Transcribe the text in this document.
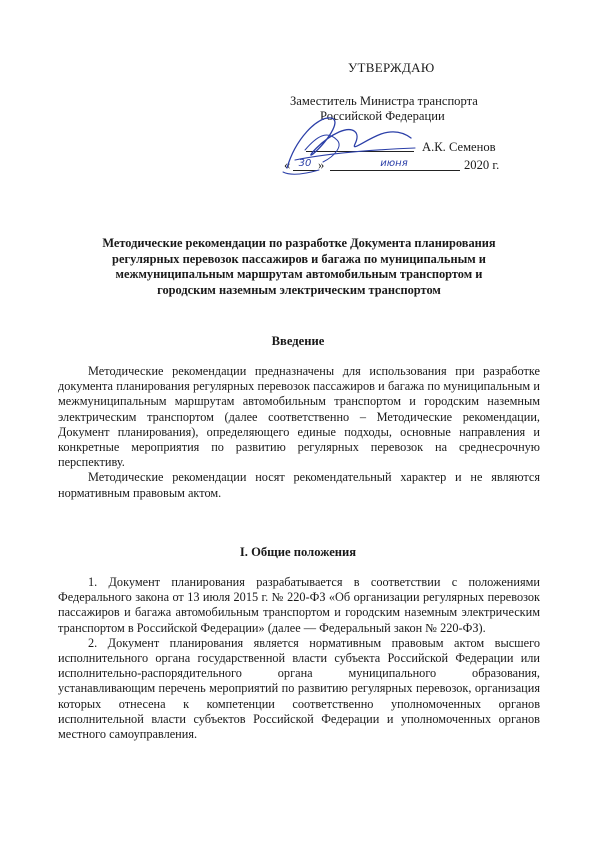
УТВЕРЖДАЮ
Заместитель Министра транспорта
Российской Федерации
А.К. Семенов
« 30 »	июня	2020 г.
Методические рекомендации по разработке Документа планирования
регулярных перевозок пассажиров и багажа по муниципальным и
межмуниципальным маршрутам автомобильным транспортом и
городским наземным электрическим транспортом
Введение

Методические рекомендации предназначены для использования при разработке документа планирования регулярных перевозок пассажиров и багажа по муниципальным и межмуниципальным маршрутам автомобильным транспортом и городским наземным электрическим транспортом (далее соответственно – Методические рекомендации, Документ планирования), определяющего единые подходы, основные направления и конкретные мероприятия по развитию регулярных перевозок на среднесрочную перспективу.

Методические рекомендации носят рекомендательный характер и не являются нормативным правовым актом.

I. Общие положения

1. Документ планирования разрабатывается в соответствии с положениями Федерального закона от 13 июля 2015 г. № 220-ФЗ «Об организации регулярных перевозок пассажиров и багажа автомобильным транспортом и городским наземным электрическим транспортом в Российской Федерации» (далее — Федеральный закон № 220-ФЗ).

2. Документ планирования является нормативным правовым актом высшего исполнительного органа государственной власти субъекта Российской Федерации или исполнительно-распорядительного органа муниципального образования, устанавливающим перечень мероприятий по развитию регулярных перевозок, организация которых отнесена к компетенции соответственно уполномоченных органов исполнительной власти субъектов Российской Федерации и уполномоченных органов местного самоуправления.
